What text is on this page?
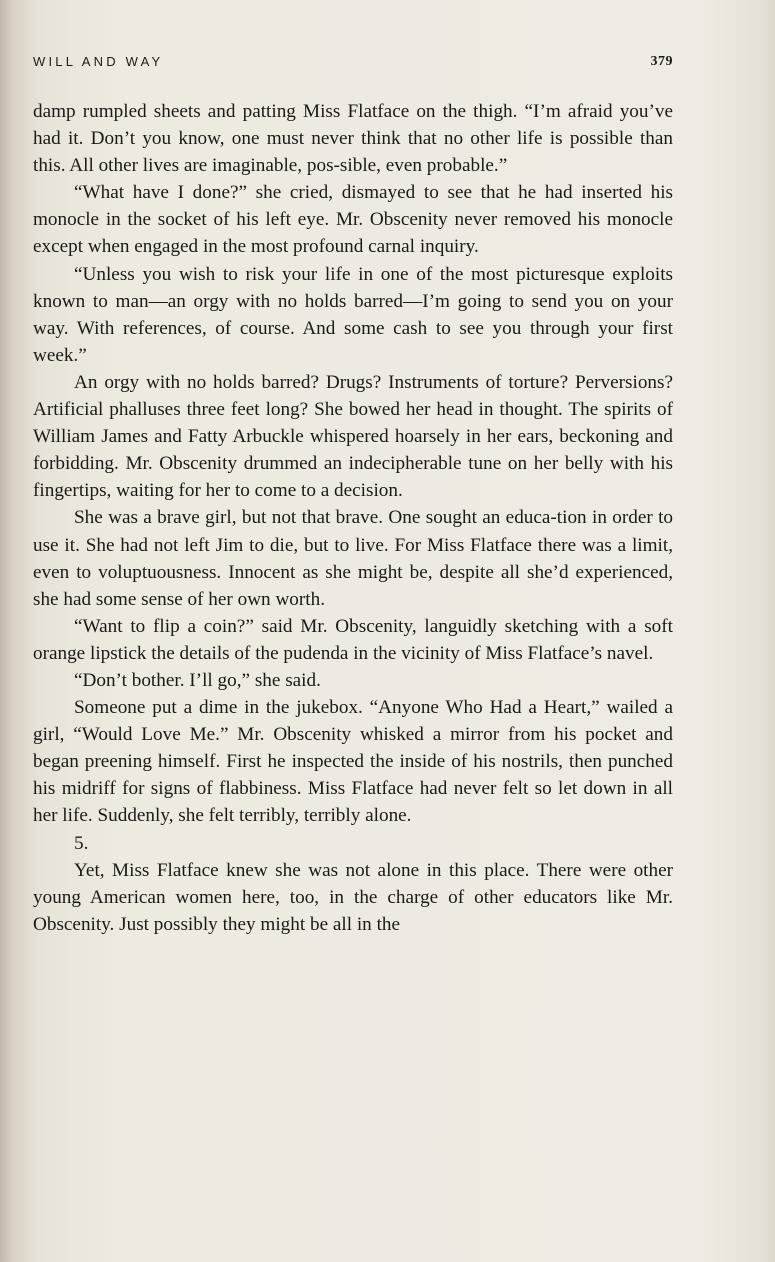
WILL AND WAY	379

damp rumpled sheets and patting Miss Flatface on the thigh. “I’m afraid you’ve had it. Don’t you know, one must never think that no other life is possible than this. All other lives are imaginable, pos-sible, even probable.”

“What have I done?” she cried, dismayed to see that he had inserted his monocle in the socket of his left eye. Mr. Obscenity never removed his monocle except when engaged in the most profound carnal inquiry.

“Unless you wish to risk your life in one of the most picturesque exploits known to man—an orgy with no holds barred—I’m going to send you on your way. With references, of course. And some cash to see you through your first week.”

An orgy with no holds barred? Drugs? Instruments of torture? Perversions? Artificial phalluses three feet long? She bowed her head in thought. The spirits of William James and Fatty Arbuckle whispered hoarsely in her ears, beckoning and forbidding. Mr. Obscenity drummed an indecipherable tune on her belly with his fingertips, waiting for her to come to a decision.

She was a brave girl, but not that brave. One sought an educa-tion in order to use it. She had not left Jim to die, but to live. For Miss Flatface there was a limit, even to voluptuousness. Innocent as she might be, despite all she’d experienced, she had some sense of her own worth.

“Want to flip a coin?” said Mr. Obscenity, languidly sketching with a soft orange lipstick the details of the pudenda in the vicinity of Miss Flatface’s navel.

“Don’t bother. I’ll go,” she said.

Someone put a dime in the jukebox. “Anyone Who Had a Heart,” wailed a girl, “Would Love Me.” Mr. Obscenity whisked a mirror from his pocket and began preening himself. First he inspected the inside of his nostrils, then punched his midriff for signs of flabbiness. Miss Flatface had never felt so let down in all her life. Suddenly, she felt terribly, terribly alone.

5.

Yet, Miss Flatface knew she was not alone in this place. There were other young American women here, too, in the charge of other educators like Mr. Obscenity. Just possibly they might be all in the
